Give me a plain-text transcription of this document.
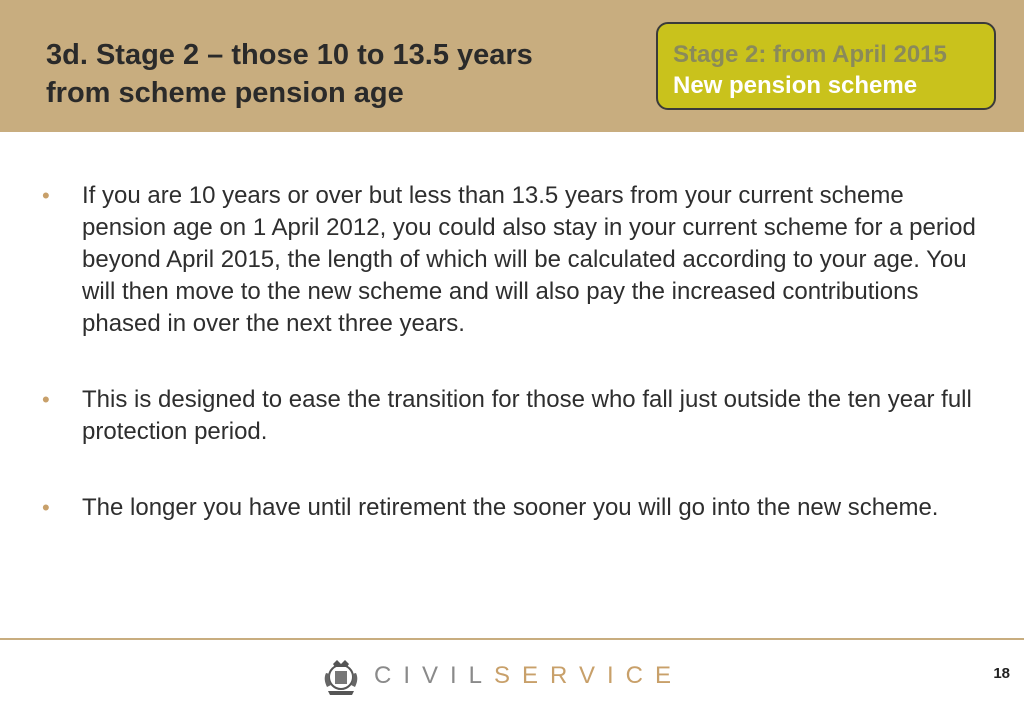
3d. Stage 2 – those 10 to 13.5 years
from scheme pension age
Stage 2: from April 2015
New pension scheme
• If you are 10 years or over but less than 13.5 years from your current scheme pension age on 1 April 2012, you could also stay in your current scheme for a period beyond April 2015, the length of which will be calculated according to your age. You will then move to the new scheme and will also pay the increased contributions phased in over the next three years.
• This is designed to ease the transition for those who fall just outside the ten year full protection period.
• The longer you have until retirement the sooner you will go into the new scheme.
CIVIL SERVICE	18
